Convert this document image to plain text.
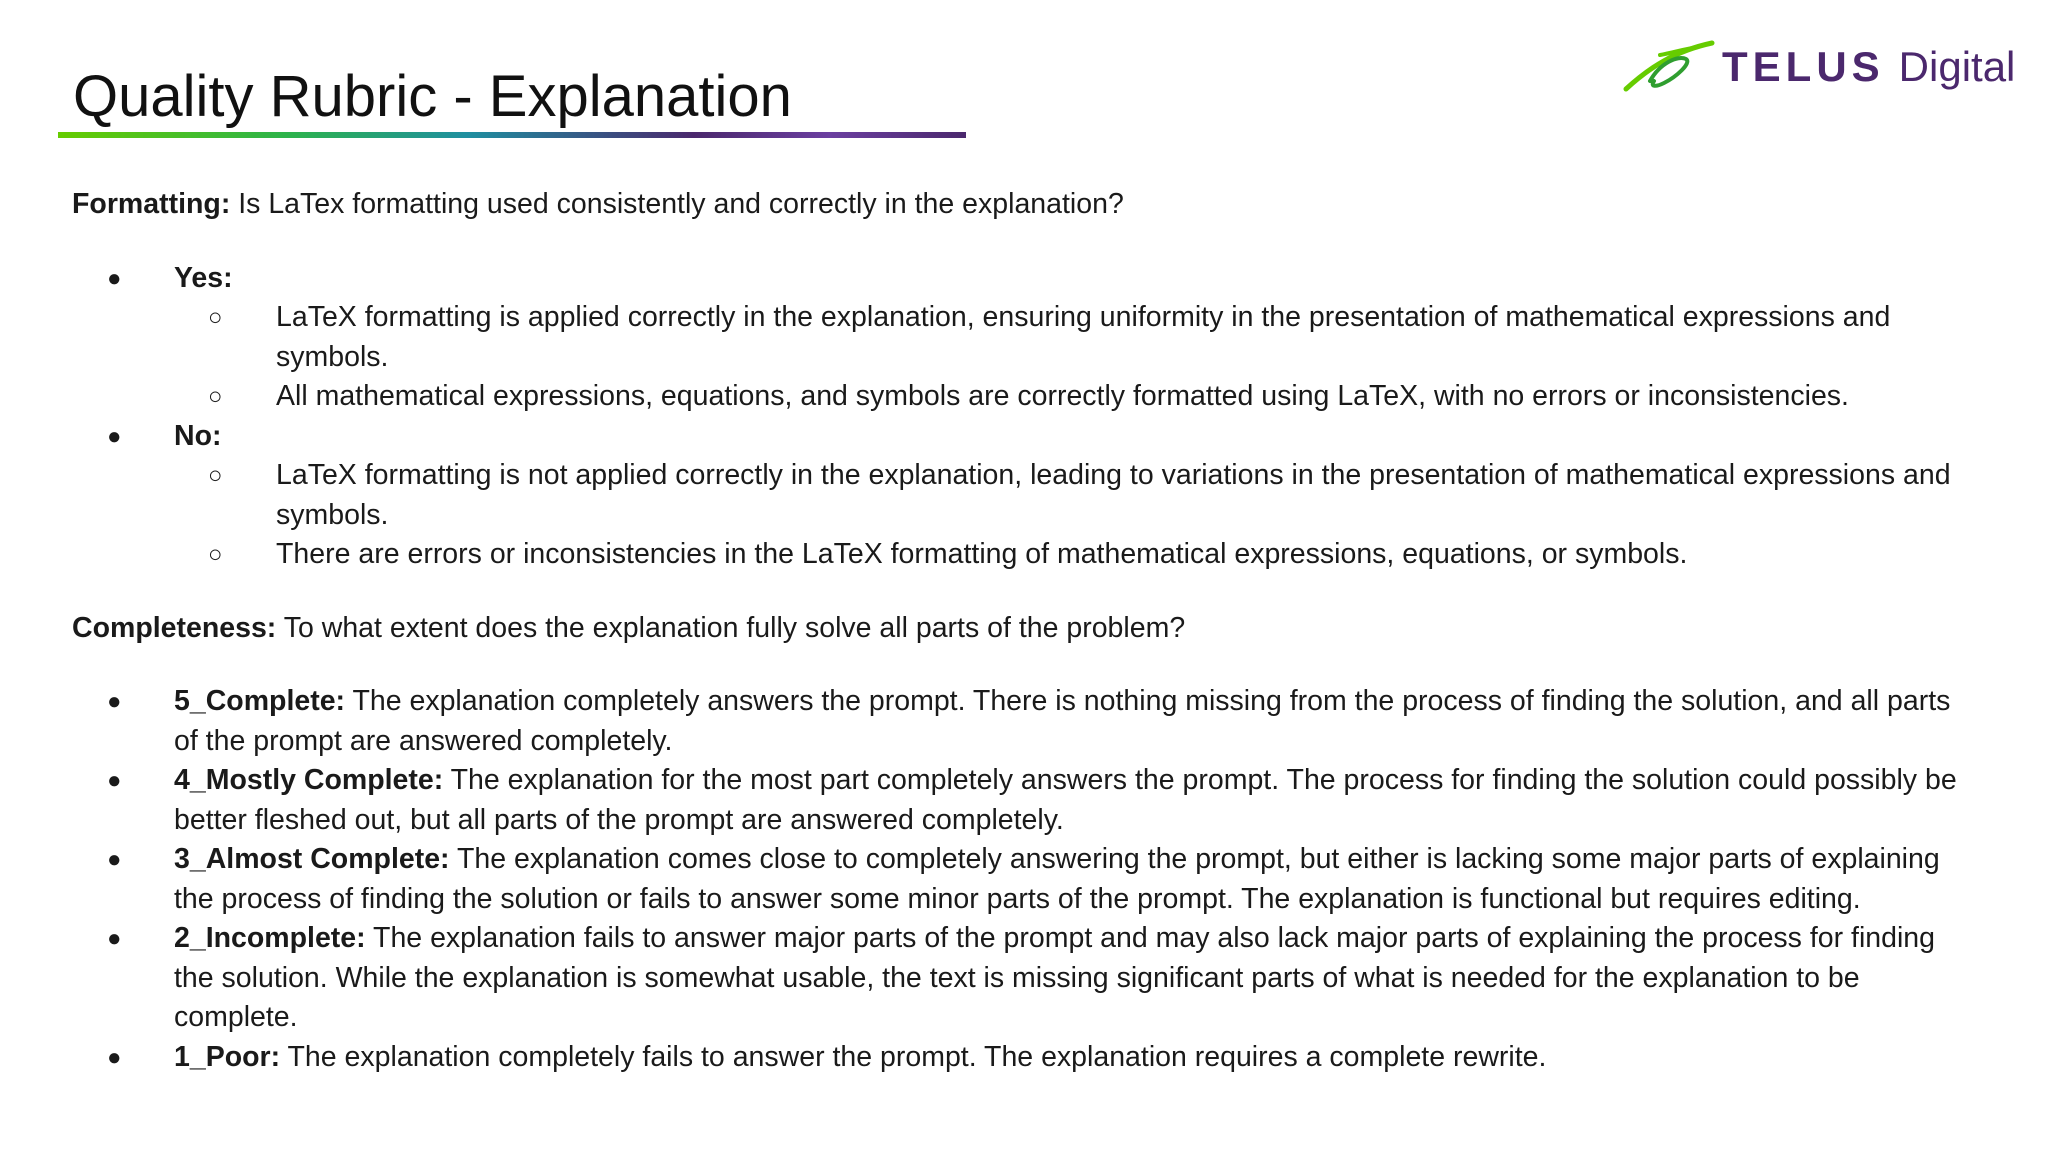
Quality Rubric - Explanation	TELUS Digital

Formatting: Is LaTex formatting used consistently and correctly in the explanation?

● Yes:
○ LaTeX formatting is applied correctly in the explanation, ensuring uniformity in the presentation of mathematical expressions and symbols.
○ All mathematical expressions, equations, and symbols are correctly formatted using LaTeX, with no errors or inconsistencies.
● No:
○ LaTeX formatting is not applied correctly in the explanation, leading to variations in the presentation of mathematical expressions and symbols.
○ There are errors or inconsistencies in the LaTeX formatting of mathematical expressions, equations, or symbols.

Completeness: To what extent does the explanation fully solve all parts of the problem?

● 5_Complete: The explanation completely answers the prompt. There is nothing missing from the process of finding the solution, and all parts of the prompt are answered completely.
● 4_Mostly Complete: The explanation for the most part completely answers the prompt. The process for finding the solution could possibly be better fleshed out, but all parts of the prompt are answered completely.
● 3_Almost Complete: The explanation comes close to completely answering the prompt, but either is lacking some major parts of explaining the process of finding the solution or fails to answer some minor parts of the prompt. The explanation is functional but requires editing.
● 2_Incomplete: The explanation fails to answer major parts of the prompt and may also lack major parts of explaining the process for finding the solution. While the explanation is somewhat usable, the text is missing significant parts of what is needed for the explanation to be complete.
● 1_Poor: The explanation completely fails to answer the prompt. The explanation requires a complete rewrite.
